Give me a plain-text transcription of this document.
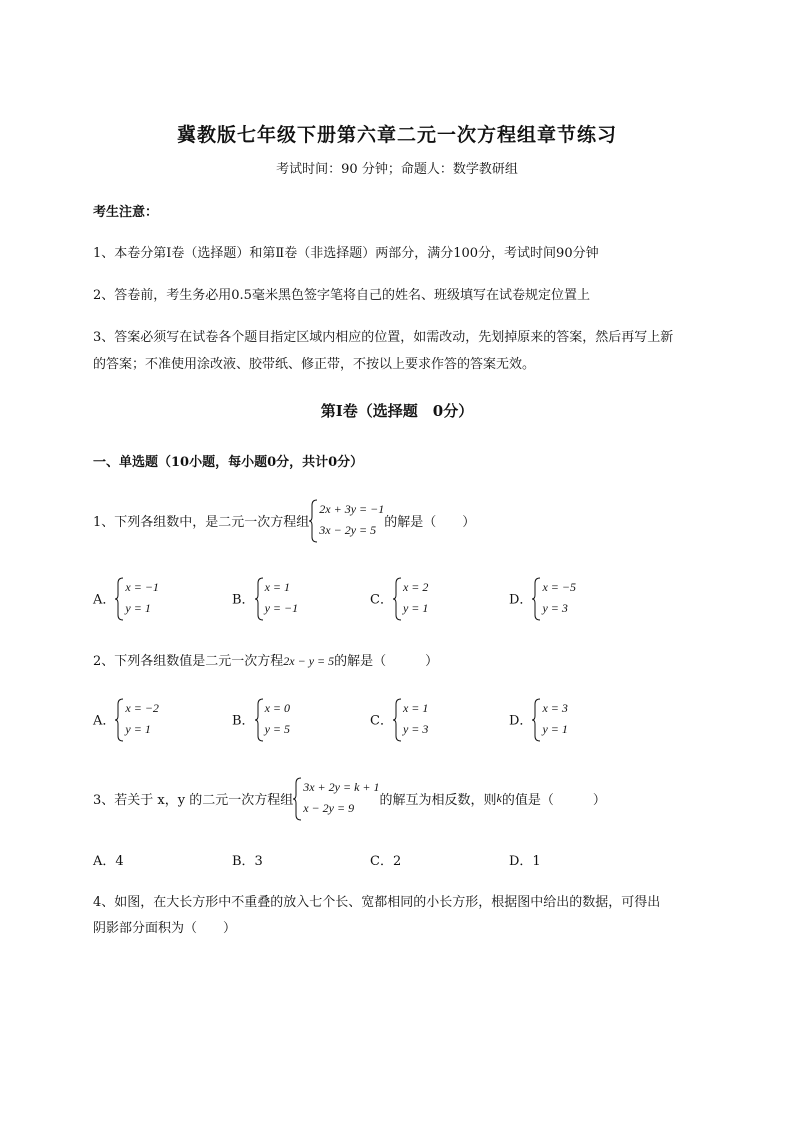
冀教版七年级下册第六章二元一次方程组章节练习
考试时间：90 分钟；命题人：数学教研组
考生注意：
1、本卷分第Ⅰ卷（选择题）和第Ⅱ卷（非选择题）两部分，满分100分，考试时间90分钟
2、答卷前，考生务必用0.5毫米黑色签字笔将自己的姓名、班级填写在试卷规定位置上
3、答案必须写在试卷各个题目指定区域内相应的位置，如需改动，先划掉原来的答案，然后再写上新
的答案；不准使用涂改液、胶带纸、修正带，不按以上要求作答的答案无效。
第Ⅰ卷（选择题　0分）
一、单选题（10小题，每小题0分，共计0分）
1、下列各组数中，是二元一次方程组
2x + 3y = −1
3x − 2y = 5
的解是（　　）
A．
x = −1
y = 1
B．
x = 1
y = −1
C．
x = 2
y = 1
D．
x = −5
y = 3
2、下列各组数值是二元一次方程2x − y = 5的解是（　　　）
A．
x = −2
y = 1
B．
x = 0
y = 5
C．
x = 1
y = 3
D．
x = 3
y = 1
3、若关于 x，y 的二元一次方程组
3x + 2y = k + 1
x − 2y = 9
的解互为相反数，则 k 的值是（　　　）
A．4	B．3	C．2	D．1
4、如图，在大长方形中不重叠的放入七个长、宽都相同的小长方形，根据图中给出的数据，可得出
阴影部分面积为（　　）
